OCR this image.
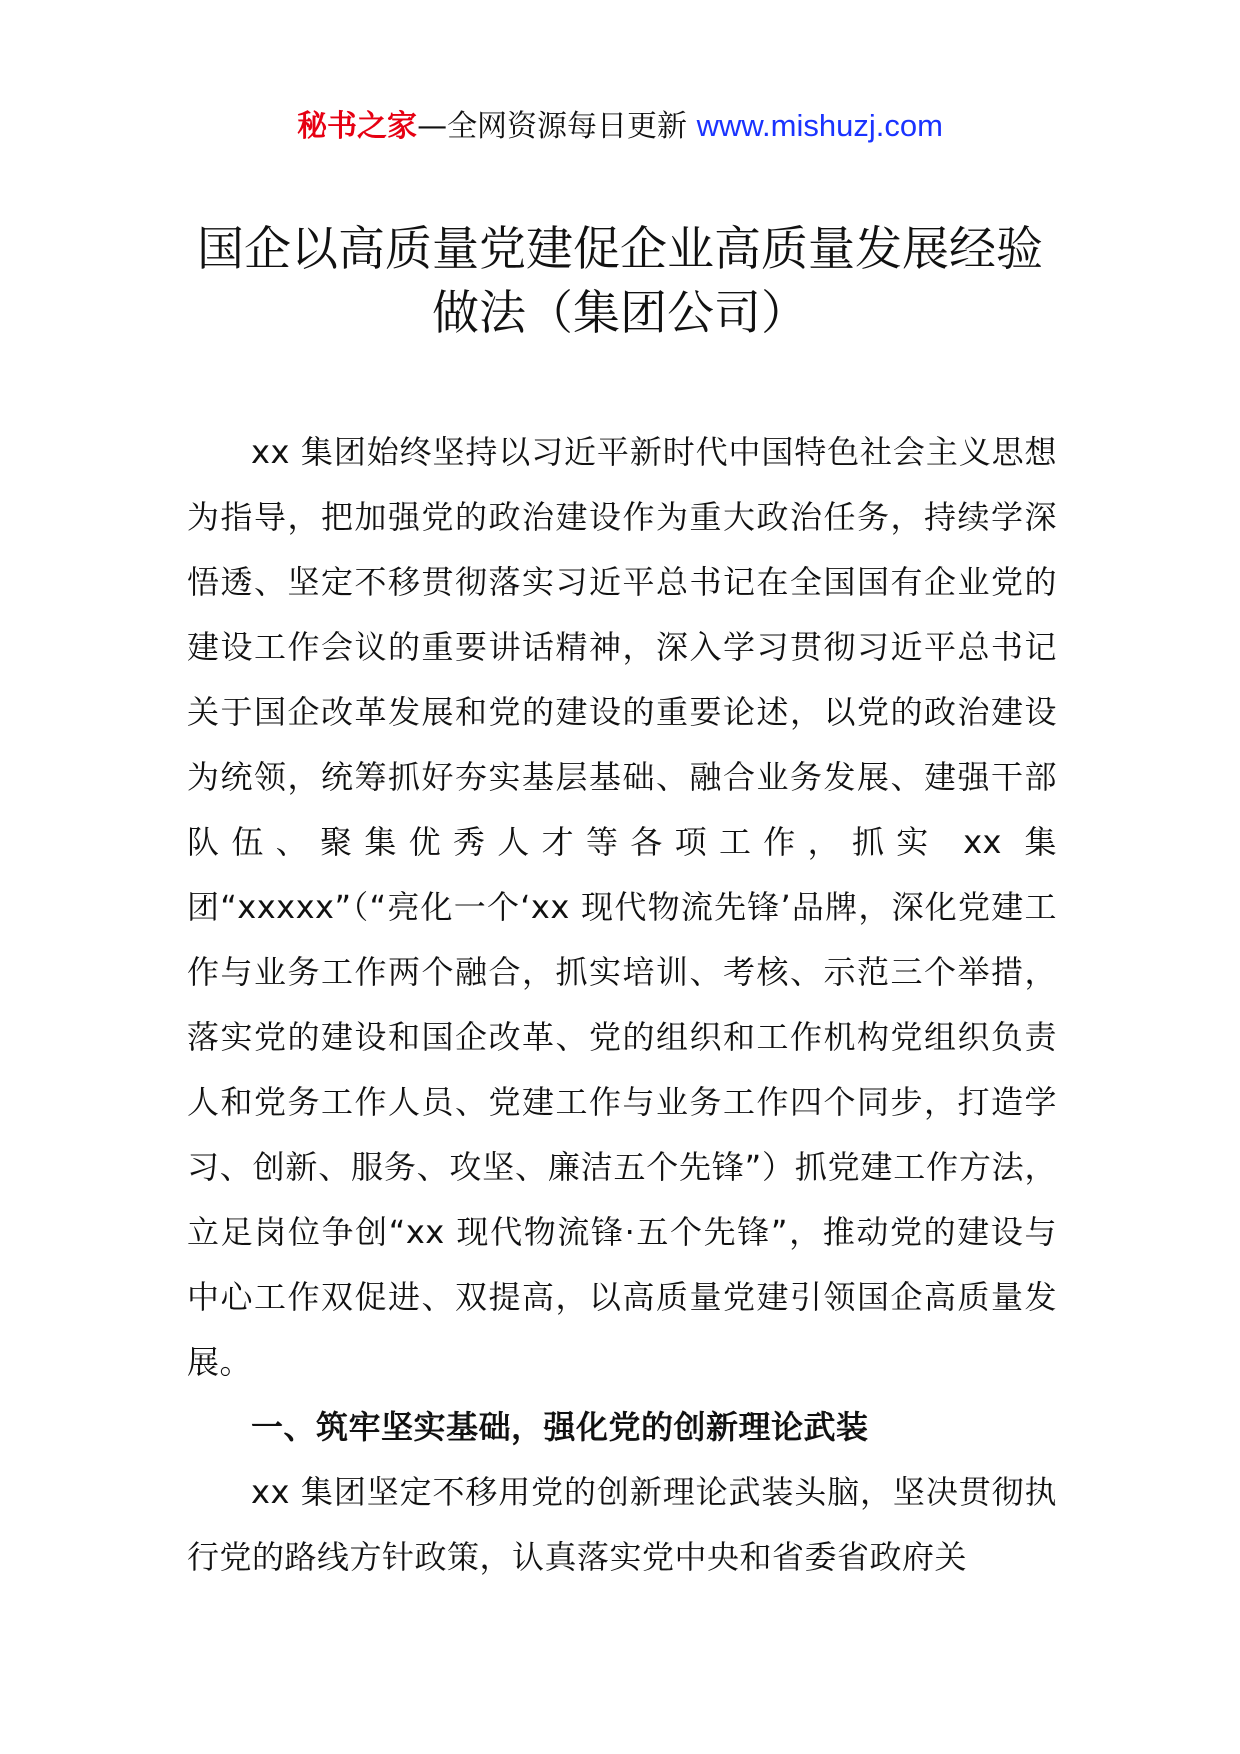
秘书之家—全网资源每日更新 www.mishuzj.com
国企以高质量党建促企业高质量发展经验
做法（集团公司）

xx 集团始终坚持以习近平新时代中国特色社会主义思想为指导，把加强党的政治建设作为重大政治任务，持续学深悟透、坚定不移贯彻落实习近平总书记在全国国有企业党的建设工作会议的重要讲话精神，深入学习贯彻习近平总书记关于国企改革发展和党的建设的重要论述，以党的政治建设为统领，统筹抓好夯实基层基础、融合业务发展、建强干部队伍、聚集优秀人才等各项工作，抓实 xx 集团“xxxxx”（“亮化一个‘xx 现代物流先锋’品牌，深化党建工作与业务工作两个融合，抓实培训、考核、示范三个举措，落实党的建设和国企改革、党的组织和工作机构党组织负责人和党务工作人员、党建工作与业务工作四个同步，打造学习、创新、服务、攻坚、廉洁五个先锋”）抓党建工作方法，立足岗位争创“xx 现代物流锋·五个先锋”，推动党的建设与中心工作双促进、双提高，以高质量党建引领国企高质量发展。

一、筑牢坚实基础，强化党的创新理论武装

xx 集团坚定不移用党的创新理论武装头脑，坚决贯彻执行党的路线方针政策，认真落实党中央和省委省政府关
